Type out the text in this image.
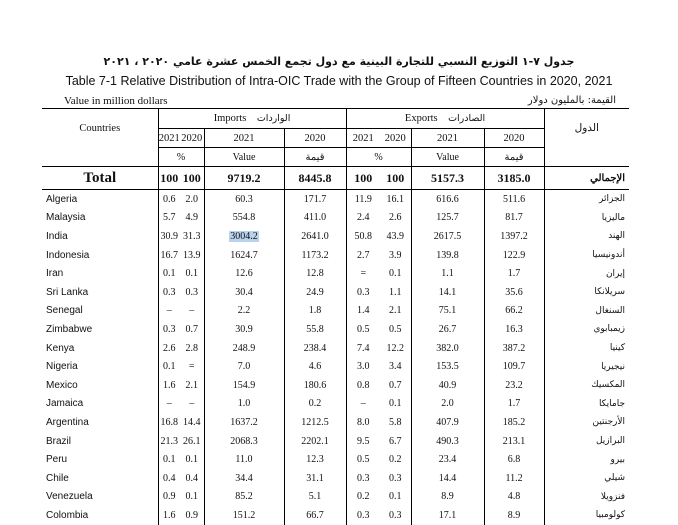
جدول ٧-١ التوزيع النسبي للتجارة البينية مع دول تجمع الخمس عشرة عامي ٢٠٢٠ ، ٢٠٢١
Table 7-1 Relative Distribution of Intra-OIC Trade with the Group of Fifteen Countries in 2020, 2021
Value in million dollars	القيمة: بالمليون دولار
Countries	Imports الواردات				Exports الصادرات				الدول
	2021	2020	2021	2020	2021	2020	2021	2020	
	%		Value	قيمة	%		Value	قيمة	
Total	100	100	9719.2	8445.8	100	100	5157.3	3185.0	الإجمالي
Algeria	0.6	2.0	60.3	171.7	11.9	16.1	616.6	511.6	الجزائر
Malaysia	5.7	4.9	554.8	411.0	2.4	2.6	125.7	81.7	ماليزيا
India	30.9	31.3	3004.2	2641.0	50.8	43.9	2617.5	1397.2	الهند
Indonesia	16.7	13.9	1624.7	1173.2	2.7	3.9	139.8	122.9	أندونيسيا
Iran	0.1	0.1	12.6	12.8	=	0.1	1.1	1.7	إيران
Sri Lanka	0.3	0.3	30.4	24.9	0.3	1.1	14.1	35.6	سريلانكا
Senegal	–	–	2.2	1.8	1.4	2.1	75.1	66.2	السنغال
Zimbabwe	0.3	0.7	30.9	55.8	0.5	0.5	26.7	16.3	زيمبابوي
Kenya	2.6	2.8	248.9	238.4	7.4	12.2	382.0	387.2	كينيا
Nigeria	0.1	=	7.0	4.6	3.0	3.4	153.5	109.7	نيجيريا
Mexico	1.6	2.1	154.9	180.6	0.8	0.7	40.9	23.2	المكسيك
Jamaica	–	–	1.0	0.2	–	0.1	2.0	1.7	جامايكا
Argentina	16.8	14.4	1637.2	1212.5	8.0	5.8	407.9	185.2	الأرجنتين
Brazil	21.3	26.1	2068.3	2202.1	9.5	6.7	490.3	213.1	البرازيل
Peru	0.1	0.1	11.0	12.3	0.5	0.2	23.4	6.8	بيرو
Chile	0.4	0.4	34.4	31.1	0.3	0.3	14.4	11.2	شيلي
Venezuela	0.9	0.1	85.2	5.1	0.2	0.1	8.9	4.8	فنزويلا
Colombia	1.6	0.9	151.2	66.7	0.3	0.3	17.1	8.9	كولومبيا
